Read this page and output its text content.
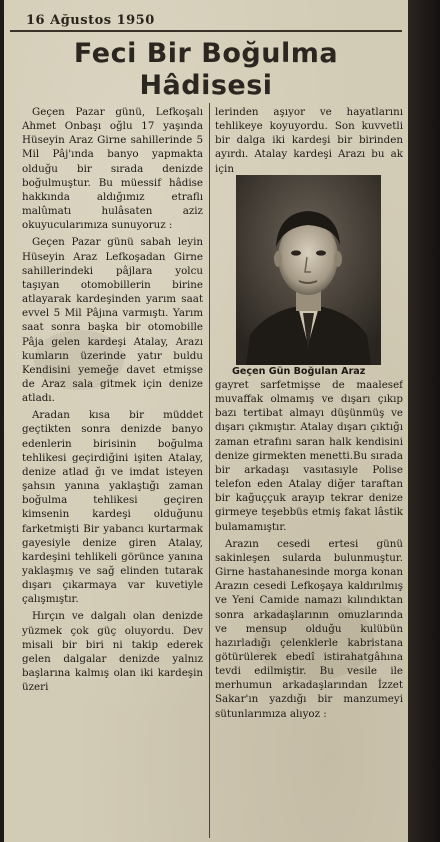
16 Ağustos 1950
Feci Bir Boğulma
Hâdisesi

Geçen Pazar günü, Lefkoşalı Ahmet Onbaşı oğlu 17 yaşında Hüseyin Araz Girne sahillerinde 5 Mil Pâj'ında banyo yapmakta olduğu bir sırada denizde boğulmuştur. Bu müessif hâdise hakkında aldığımız etraflı malûmatı hulâsaten aziz okuyucularımıza sunuyoruz :

Geçen Pazar günü sabah leyin Hüseyin Araz Lefkoşadan Girne sahillerindeki pâjlara yolcu taşıyan otomobillerin birine atlayarak kardeşinden yarım saat evvel 5 Mil Pâjına varmıştı. Yarım saat sonra başka bir otomobille Pâja gelen kardeşi Atalay, Arazı kumların üzerinde yatır buldu Kendisini yemeğe davet etmişse de Araz sala gitmek için denize atladı.

Aradan kısa bir müddet geçtikten sonra denizde banyo edenlerin birisinin boğulma tehlikesi geçirdiğini işiten Atalay, denize atlad ğı ve imdat isteyen şahsın yanına yaklaştığı zaman boğulma tehlikesi geçiren kimsenin kardeşi olduğunu farketmişti Bir yabancı kurtarmak gayesiyle denize giren Atalay, kardeşini tehlikeli görünce yanına yaklaşmış ve sağ elinden tutarak dışarı çıkarmaya var kuvetiyle çalışmıştır.

Hırçın ve dalgalı olan denizde yüzmek çok güç oluyordu. Dev misali bir biri ni takip ederek gelen dalgalar denizde yalnız başlarına kalmış olan iki kardeşin üzeri

lerinden aşıyor ve hayatlarını tehlikeye koyuyordu. Son kuvvetli bir dalga iki kardeşi bir birinden ayırdı. Atalay kardeşi Arazı bu ak için

Geçen Gün Boğulan Araz

gayret sarfetmişse de maalesef muvaffak olmamış ve dışarı çıkıp bazı tertibat almayı düşünmüş ve dışarı çıkmıştır. Atalay dışarı çıktığı zaman etrafını saran halk kendisini denize girmekten menetti.Bu sırada bir arkadaşı vasıtasıyle Polise telefon eden Atalay diğer taraftan bir kağuççuk arayıp tekrar denize girmeye teşebbüs etmiş fakat lâstik bulamamıştır.

Arazın cesedi ertesi günü sakinleşen sularda bulunmuştur. Girne hastahanesinde morga konan Arazın cesedi Lefkoşaya kaldırılmış ve Yeni Camide namazı kılındıktan sonra arkadaşlarının omuzlarında ve mensup olduğu kulübün hazırladığı çelenklerle kabristana götürülerek ebedî istirahatgâhına tevdi edilmiştir. Bu vesile ile merhumun arkadaşlarından İzzet Sakar'ın yazdığı bir manzumeyi sütunlarımıza alıyoz :
